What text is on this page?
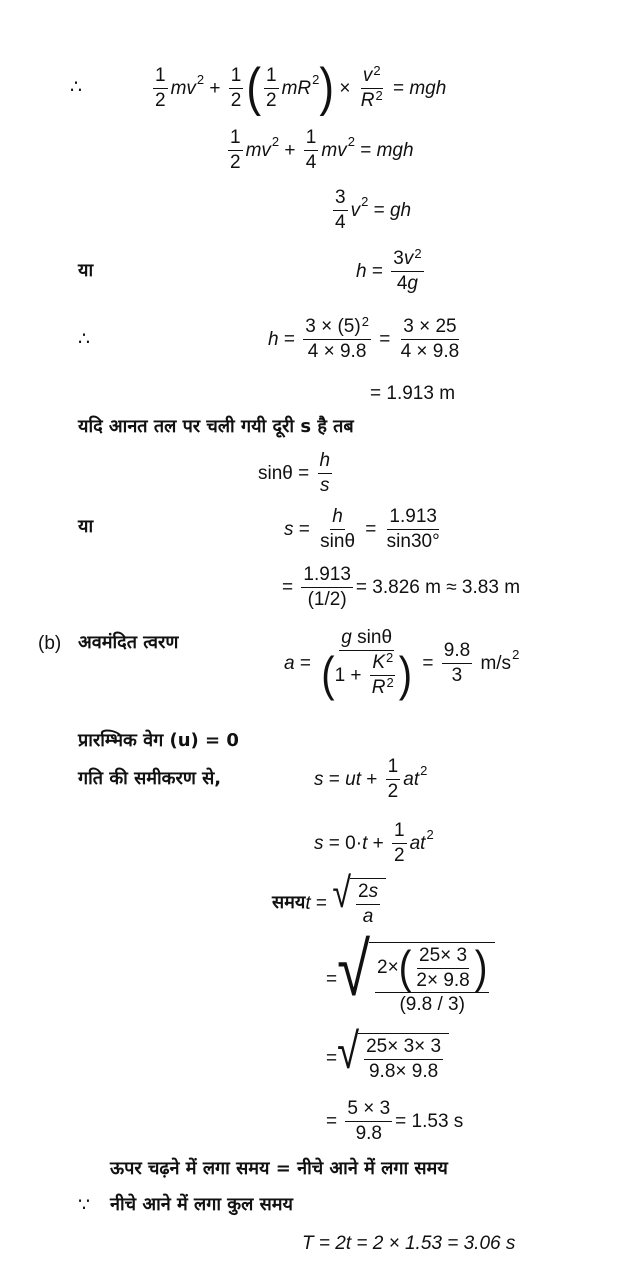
∴	$\frac{1}{2}$ mv $2 + \frac{1}{2}$ ( $\frac{1}{2}$ mR 2 ) × $\frac{v^2}{R^2}$ = mgh
$\frac{1}{2}$ mv $2 + \frac{1}{4}$ mv 2 = mgh
$\frac{3}{4}$ v 2 = gh
या	$h = \frac{3v^2}{4g}$
∴	$h = \frac{3 \times (5)^2}{4 \times 9.8} = \frac{3 \times 25}{4 \times 9.8}$
= 1.913 m
यदि आनत तल पर चली गयी दूरी s है तब
$\sin\theta = \frac{h}{s}$
या	$s = \frac{h}{\sin\theta} = \frac{1.913}{\sin 30^\circ}$
= $\frac{1.913}{(1/2)} = 3.826$ m ≈ 3.83 m
(b) अवमंदित त्वरण
$a = \frac{\text{g sinθ}}{( 1 + \frac{K^2}{R^2} )} = \frac{9.8}{3} m/s$ 2
प्रारम्भिक वेग (u) = 0
गति की समीकरण से,	s = ut + $\frac{1}{2}$ at 2
$s = 0\cdot t + \frac{1}{2}$ at 2
समय t = √ $\frac{2s}{a}$
= √ $\frac{2\times ( \frac{25\times 3}{2\times 9.8} )}{(9.8 / 3)}$
= √ $\frac{25\times 3\times 3}{9.8\times 9.8}$
= $\frac{5 \times 3}{9.8} = 1.53$ s
ऊपर चढ़ने में लगा समय = नीचे आने में लगा समय
∵ नीचे आने में लगा कुल समय
T = 2t = 2 × 1.53 = 3.06 s
